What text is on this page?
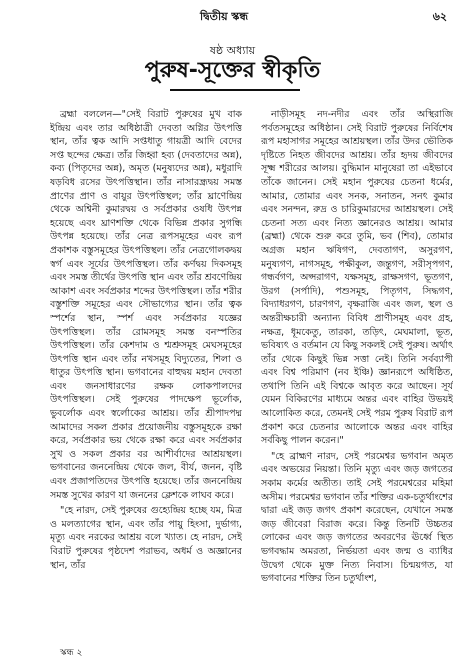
দ্বিতীয় স্কন্ধ	৬২
ষষ্ঠ অধ্যায়
পুরুষ-সূক্তের স্বীকৃতি

ব্রহ্মা বললেন—"সেই বিরাট পুরুষের মুখ বাক ইন্দ্রিয় এবং তার অধিষ্ঠাত্রী দেবতা অগ্নির উৎপত্তি স্থান, তাঁর ত্বক আদি সপ্তধাতু গায়ত্রী আদি বেদের সপ্ত ছন্দের ক্ষেত্র। তাঁর জিহ্বা হব্য (দেবতাদের অন্ন), কব্য (পিতৃদের অন্ন), অমৃত (মনুষ্যদের অন্ন), মধুরাদি ষড়বিধ রসের উৎপত্তিস্থান। তাঁর নাসারন্ধ্রদ্বয় সমস্ত প্রাণের প্রাণ ও বায়ুর উৎপত্তিস্থল; তাঁর ঘ্রাণেন্দ্রিয় থেকে অশ্বিনী কুমারদ্বয় ও সর্বপ্রকার ওষধি উৎপন্ন হয়েছে এবং ঘ্রাণশক্তি থেকে বিভিন্ন প্রকার সুগন্ধি উৎপন্ন হয়েছে। তাঁর নেত্র রূপসমূহের এবং রূপ প্রকাশক বস্তুসমূহের উৎপত্তিস্থল। তাঁর নেত্রগোলকদ্বয় স্বর্গ এবং সূর্যের উৎপত্তিস্থল। তাঁর কর্ণদ্বয় দিকসমূহ এবং সমস্ত তীর্থের উৎপত্তি স্থান এবং তাঁর শ্রবণেন্দ্রিয় আকাশ এবং সর্বপ্রকার শব্দের উৎপত্তিস্থল। তাঁর শরীর বস্তুশক্তি সমূহের এবং সৌভাগ্যের স্থান। তাঁর ত্বক স্পর্শের স্থান, স্পর্শ এবং সর্বপ্রকার যজ্ঞের উৎপত্তিস্থল। তাঁর রোমসমূহ সমস্ত বনস্পতির উৎপত্তিস্থল। তাঁর কেশদাম ও শ্মশ্রুসমূহ মেঘসমূহের উৎপত্তি স্থান এবং তাঁর নখসমূহ বিদ্যুতের, শিলা ও ধাতুর উৎপত্তি স্থান। ভগবানের বাহুদ্বয় মহান দেবতা এবং জনসাধারণের রক্ষক লোকপালদের উৎপত্তিস্থল। সেই পুরুষের পাদক্ষেপ ভূর্লোক, ভুবর্লোক এবং স্বর্লোকের আশ্রয়। তাঁর শ্রীপাদপদ্ম আমাদের সকল প্রকার প্রয়োজনীয় বস্তুসমূহকে রক্ষা করে, সর্বপ্রকার ভয় থেকে রক্ষা করে এবং সর্বপ্রকার সুখ ও সকল প্রকার বর আশীর্বাদের আশ্রয়স্থল। ভগবানের জননেন্দ্রিয় থেকে জল, বীর্য, জনন, বৃষ্টি এবং প্রজাপতিদের উৎপত্তি হয়েছে। তাঁর জননেন্দ্রিয় সমস্ত সুখের কারণ যা জননের ক্লেশকে লাঘব করে।

"হে নারদ, সেই পুরুষের গুহ্যেন্দ্রিয় হচ্ছে যম, মিত্র ও মলত্যাগের স্থান, এবং তাঁর পায়ু হিংসা, দুর্ভাগ্য, মৃত্যু এবং নরকের আশ্রয় বলে খ্যাত। হে নারদ, সেই বিরাট পুরুষের পৃষ্ঠদেশ পরাভব, অধর্ম ও অজ্ঞানের স্থান, তাঁর

নাড়ীসমূহ নদ-নদীর এবং তাঁর অস্থিরাজি পর্বতসমূহের অধিষ্ঠান। সেই বিরাট পুরুষের নির্বিশেষ রূপ মহাসাগর সমূহের আশ্রয়স্থল। তাঁর উদর ভৌতিক দৃষ্টিতে নিহত জীবদের আশ্রয়। তাঁর হৃদয় জীবদের সূক্ষ্ম শরীরের আলয়। বুদ্ধিমান মানুষেরা তা এইভাবে তাঁকে জানেন। সেই মহান পুরুষের চেতনা ধর্মের, আমার, তোমার এবং সনক, সনাতন, সনৎ কুমার এবং সনন্দন, রুদ্র ও চারিকুমারদের আশ্রয়স্থল। সেই চেতনা সত্য এবং নিত্য জ্ঞানেরও আশ্রয়। আমার (ব্রহ্মা) থেকে শুরু করে তুমি, ভব (শিব), তোমার অগ্রজ মহান ঋষিগণ, দেবতাগণ, অসুরগণ, মনুষ্যগণ, নাগসমূহ, পক্ষীকুল, জন্তুগণ, সরীসৃপগণ, গন্ধর্বগণ, অপ্সরাগণ, যক্ষসমূহ, রাক্ষসগণ, ভূতগণ, উরগ (সর্পাদি), পশুসমূহ, পিতৃগণ, সিদ্ধগণ, বিদ্যাধরগণ, চারণগণ, বৃক্ষরাজি এবং জল, স্থল ও অন্তরীক্ষচারী অন্যান্য বিবিধ প্রাণীসমূহ এবং গ্রহ, নক্ষত্র, ধূমকেতু, তারকা, তড়িৎ, মেঘমালা, ভূত, ভবিষ্যৎ ও বর্তমান যে কিছু সকলই সেই পুরুষ। অর্থাৎ তাঁর থেকে কিছুই ভিন্ন সত্তা নেই। তিনি সর্বব্যাপী এবং বিশ্ব পরিমাণ (নব ইঞ্চি) জ্ঞানরূপে অধিষ্ঠিত, তথাপি তিনি এই বিশ্বকে আবৃত করে আছেন। সূর্য যেমন বিকিরণের মাধ্যমে অন্তর এবং বাহির উভয়ই আলোকিত করে, তেমনই সেই পরম পুরুষ বিরাট রূপ প্রকাশ করে চেতনার আলোকে অন্তর এবং বাহির সর্বকিছু পালন করেন।"

"হে ব্রাহ্মণ নারদ, সেই পরমেশ্বর ভগবান অমৃত এবং অভয়ের নিয়ন্তা। তিনি মৃত্যু এবং জড় জগতের সকাম কর্মের অতীত। তাই সেই পরমেশ্বরের মহিমা অসীম। পরমেশ্বর ভগবান তাঁর শক্তির এক-চতুর্থাংশের দ্বারা এই জড় জগৎ প্রকাশ করেছেন, যেখানে সমস্ত জড় জীবেরা বিরাজ করে। কিন্তু তিনটি উচ্চতর লোকের এবং জড় জগতের অবরণের ঊর্ধ্বে স্থিত ভগবদ্ধাম অমরতা, নির্ভয়তা এবং জন্ম ও ব্যাধির উদ্বেগ থেকে মুক্ত নিত্য নিবাস। চিন্ময়গত, যা ভগবানের শক্তির তিন চতুর্থাংশ,

স্কন্ধ ২
